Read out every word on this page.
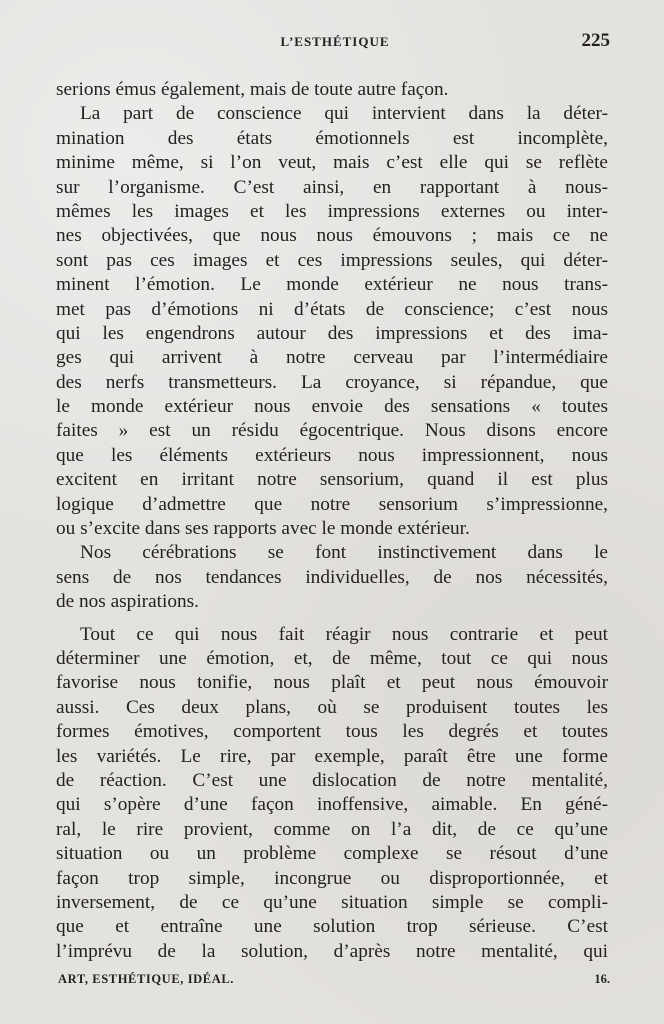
L’ESTHÉTIQUE	225
serions émus également, mais de toute autre façon.
La part de conscience qui intervient dans la déter-
mination des états émotionnels est incomplète,
minime même, si l’on veut, mais c’est elle qui se reflète
sur l’organisme. C’est ainsi, en rapportant à nous-
mêmes les images et les impressions externes ou inter-
nes objectivées, que nous nous émouvons ; mais ce ne
sont pas ces images et ces impressions seules, qui déter-
minent l’émotion. Le monde extérieur ne nous trans-
met pas d’émotions ni d’états de conscience; c’est nous
qui les engendrons autour des impressions et des ima-
ges qui arrivent à notre cerveau par l’intermédiaire
des nerfs transmetteurs. La croyance, si répandue, que
le monde extérieur nous envoie des sensations « toutes
faites » est un résidu égocentrique. Nous disons encore
que les éléments extérieurs nous impressionnent, nous
excitent en irritant notre sensorium, quand il est plus
logique d’admettre que notre sensorium s’impressionne,
ou s’excite dans ses rapports avec le monde extérieur.
Nos cérébrations se font instinctivement dans le
sens de nos tendances individuelles, de nos nécessités,
de nos aspirations.
Tout ce qui nous fait réagir nous contrarie et peut
déterminer une émotion, et, de même, tout ce qui nous
favorise nous tonifie, nous plaît et peut nous émouvoir
aussi. Ces deux plans, où se produisent toutes les
formes émotives, comportent tous les degrés et toutes
les variétés. Le rire, par exemple, paraît être une forme
de réaction. C’est une dislocation de notre mentalité,
qui s’opère d’une façon inoffensive, aimable. En géné-
ral, le rire provient, comme on l’a dit, de ce qu’une
situation ou un problème complexe se résout d’une
façon trop simple, incongrue ou disproportionnée, et
inversement, de ce qu’une situation simple se compli-
que et entraîne une solution trop sérieuse. C’est
l’imprévu de la solution, d’après notre mentalité, qui
ART, ESTHÉTIQUE, IDÉAL.	16.
